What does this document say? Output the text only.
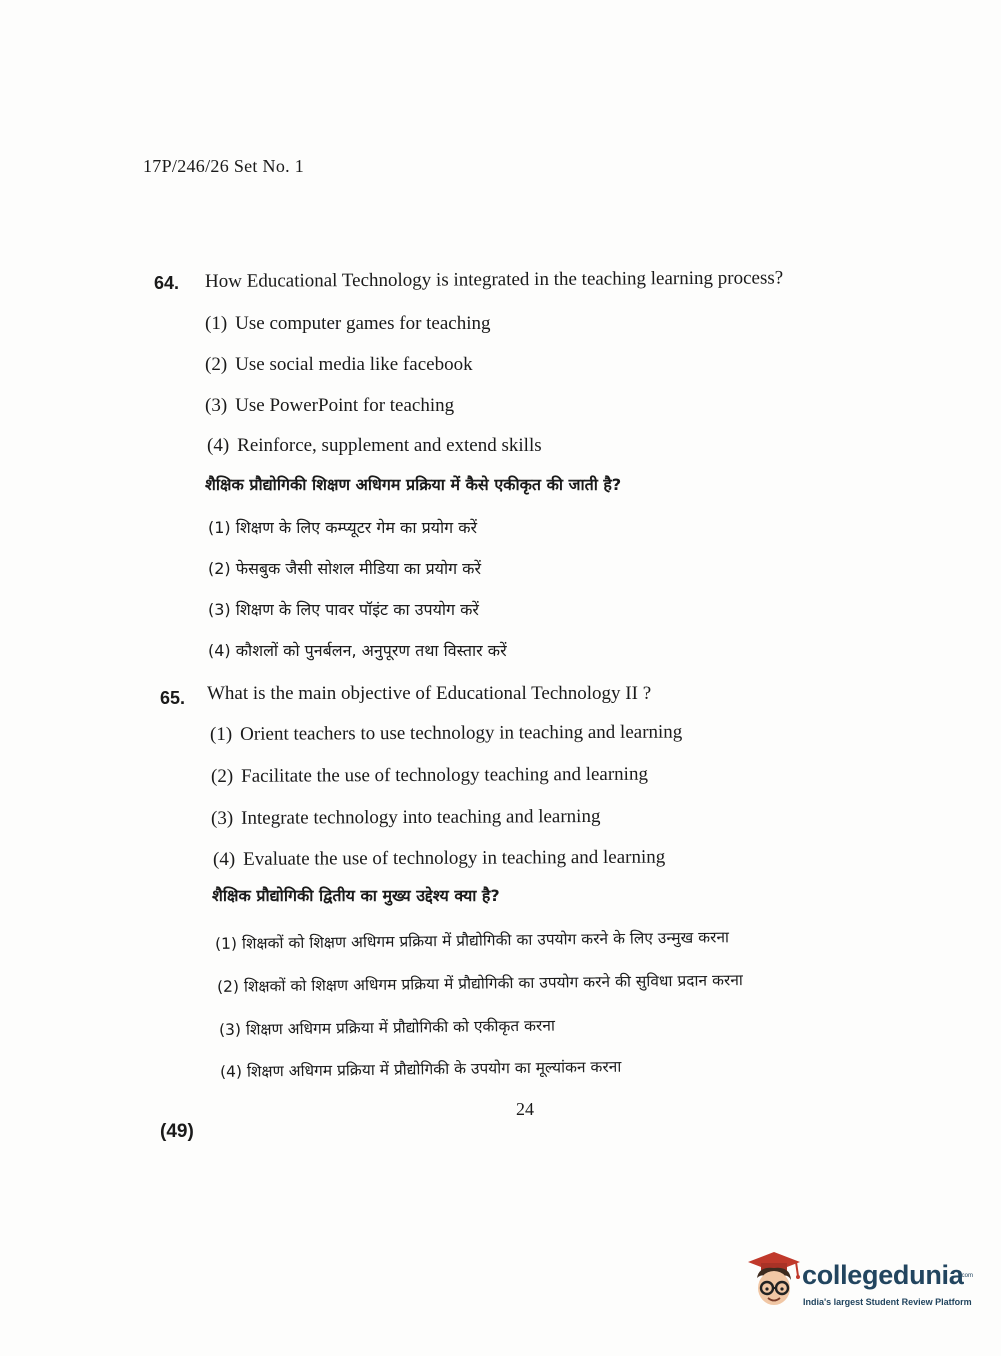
17P/246/26 Set No. 1
64. How Educational Technology is integrated in the teaching learning process?
(1) Use computer games for teaching
(2) Use social media like facebook
(3) Use PowerPoint for teaching
(4) Reinforce, supplement and extend skills
शैक्षिक प्रौद्योगिकी शिक्षण अधिगम प्रक्रिया में कैसे एकीकृत की जाती है?
(1) शिक्षण के लिए कम्प्यूटर गेम का प्रयोग करें
(2) फेसबुक जैसी सोशल मीडिया का प्रयोग करें
(3) शिक्षण के लिए पावर पॉइंट का उपयोग करें
(4) कौशलों को पुनर्बलन, अनुपूरण तथा विस्तार करें
65. What is the main objective of Educational Technology II ?
(1) Orient teachers to use technology in teaching and learning
(2) Facilitate the use of technology teaching and learning
(3) Integrate technology into teaching and learning
(4) Evaluate the use of technology in teaching and learning
शैक्षिक प्रौद्योगिकी द्वितीय का मुख्य उद्देश्य क्या है?
(1) शिक्षकों को शिक्षण अधिगम प्रक्रिया में प्रौद्योगिकी का उपयोग करने के लिए उन्मुख करना
(2) शिक्षकों को शिक्षण अधिगम प्रक्रिया में प्रौद्योगिकी का उपयोग करने की सुविधा प्रदान करना
(3) शिक्षण अधिगम प्रक्रिया में प्रौद्योगिकी को एकीकृत करना
(4) शिक्षण अधिगम प्रक्रिया में प्रौद्योगिकी के उपयोग का मूल्यांकन करना
24
(49)
collegedunia
.com
India's largest Student Review Platform
